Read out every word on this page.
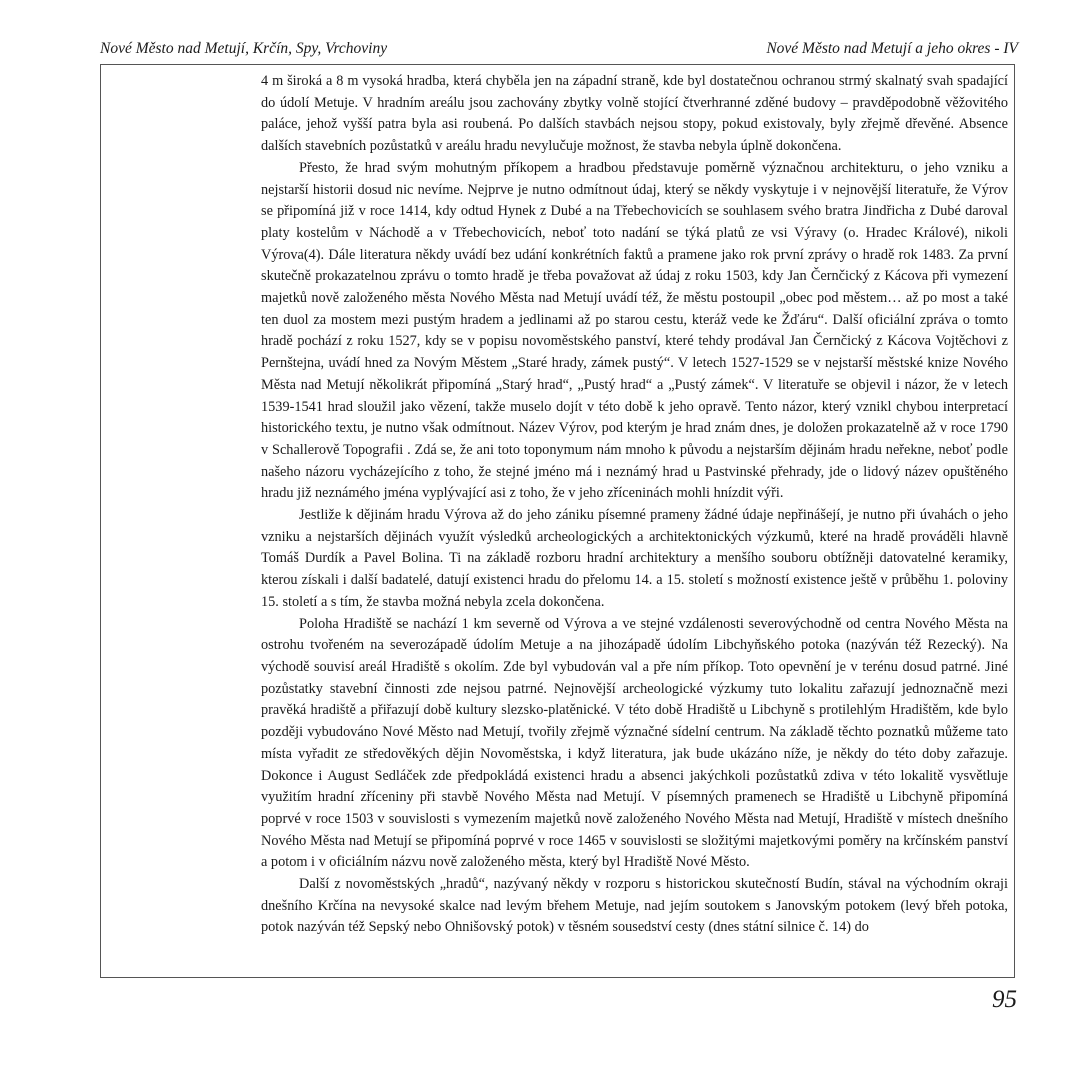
Nové Město nad Metují, Krčín, Spy, Vrchoviny	Nové Město nad Metují a jeho okres - IV

4 m široká a 8 m vysoká hradba, která chyběla jen na západní straně, kde byl dostatečnou ochranou strmý skalnatý svah spadající do údolí Metuje. V hradním areálu jsou zachovány zbytky volně stojící čtverhranné zděné budovy – pravděpodobně věžovitého paláce, jehož vyšší patra byla asi roubená. Po dalších stavbách nejsou stopy, pokud existovaly, byly zřejmě dřevěné. Absence dalších stavebních pozůstatků v areálu hradu nevylučuje možnost, že stavba nebyla úplně dokončena.

Přesto, že hrad svým mohutným příkopem a hradbou představuje poměrně význačnou architekturu, o jeho vzniku a nejstarší historii dosud nic nevíme. Nejprve je nutno odmítnout údaj, který se někdy vyskytuje i v nejnovější literatuře, že Výrov se připomíná již v roce 1414, kdy odtud Hynek z Dubé a na Třebechovicích se souhlasem svého bratra Jindřicha z Dubé daroval platy kostelům v Náchodě a v Třebechovicích, neboť toto nadání se týká platů ze vsi Výravy (o. Hradec Králové), nikoli Výrova(4). Dále literatura někdy uvádí bez udání konkrétních faktů a pramene jako rok první zprávy o hradě rok 1483. Za první skutečně prokazatelnou zprávu o tomto hradě je třeba považovat až údaj z roku 1503, kdy Jan Černčický z Kácova při vymezení majetků nově založeného města Nového Města nad Metují uvádí též, že městu postoupil „obec pod městem… až po most a také ten duol za mostem mezi pustým hradem a jedlinami až po starou cestu, kteráž vede ke Žďáru“. Další oficiální zpráva o tomto hradě pochází z roku 1527, kdy se v popisu novoměstského panství, které tehdy prodával Jan Černčický z Kácova Vojtěchovi z Pernštejna, uvádí hned za Novým Městem „Staré hrady, zámek pustý“. V letech 1527-1529 se v nejstarší městské knize Nového Města nad Metují několikrát připomíná „Starý hrad“, „Pustý hrad“ a „Pustý zámek“. V literatuře se objevil i názor, že v letech 1539-1541 hrad sloužil jako vězení, takže muselo dojít v této době k jeho opravě. Tento názor, který vznikl chybou interpretací historického textu, je nutno však odmítnout. Název Výrov, pod kterým je hrad znám dnes, je doložen prokazatelně až v roce 1790 v Schallerově Topografii . Zdá se, že ani toto toponymum nám mnoho k původu a nejstarším dějinám hradu neřekne, neboť podle našeho názoru vycházejícího z toho, že stejné jméno má i neznámý hrad u Pastvinské přehrady, jde o lidový název opuštěného hradu již neznámého jména vyplývající asi z toho, že v jeho zříceninách mohli hnízdit výři.

Jestliže k dějinám hradu Výrova až do jeho zániku písemné prameny žádné údaje nepřinášejí, je nutno při úvahách o jeho vzniku a nejstarších dějinách využít výsledků archeologických a architektonických výzkumů, které na hradě prováděli hlavně Tomáš Durdík a Pavel Bolina. Ti na základě rozboru hradní architektury a menšího souboru obtížněji datovatelné keramiky, kterou získali i další badatelé, datují existenci hradu do přelomu 14. a 15. století s možností existence ještě v průběhu 1. poloviny 15. století a s tím, že stavba možná nebyla zcela dokončena.

Poloha Hradiště se nachází 1 km severně od Výrova a ve stejné vzdálenosti severovýchodně od centra Nového Města na ostrohu tvořeném na severozápadě údolím Metuje a na jihozápadě údolím Libchyňského potoka (nazýván též Rezecký). Na východě souvisí areál Hradiště s okolím. Zde byl vybudován val a pře ním příkop. Toto opevnění je v terénu dosud patrné. Jiné pozůstatky stavební činnosti zde nejsou patrné. Nejnovější archeologické výzkumy tuto lokalitu zařazují jednoznačně mezi pravěká hradiště a přiřazují době kultury slezsko-platěnické. V této době Hradiště u Libchyně s protilehlým Hradištěm, kde bylo později vybudováno Nové Město nad Metují, tvořily zřejmě význačné sídelní centrum. Na základě těchto poznatků můžeme tato místa vyřadit ze středověkých dějin Novoměstska, i když literatura, jak bude ukázáno níže, je někdy do této doby zařazuje. Dokonce i August Sedláček zde předpokládá existenci hradu a absenci jakýchkoli pozůstatků zdiva v této lokalitě vysvětluje využitím hradní zříceniny při stavbě Nového Města nad Metují. V písemných pramenech se Hradiště u Libchyně připomíná poprvé v roce 1503 v souvislosti s vymezením majetků nově založeného Nového Města nad Metují, Hradiště v místech dnešního Nového Města nad Metují se připomíná poprvé v roce 1465 v souvislosti se složitými majetkovými poměry na krčínském panství a potom i v oficiálním názvu nově založeného města, který byl Hradiště Nové Město.

Další z novoměstských „hradů“, nazývaný někdy v rozporu s historickou skutečností Budín, stával na východním okraji dnešního Krčína na nevysoké skalce nad levým břehem Metuje, nad jejím soutokem s Janovským potokem (levý břeh potoka, potok nazýván též Sepský nebo Ohnišovský potok) v těsném sousedství cesty (dnes státní silnice č. 14) do

95
